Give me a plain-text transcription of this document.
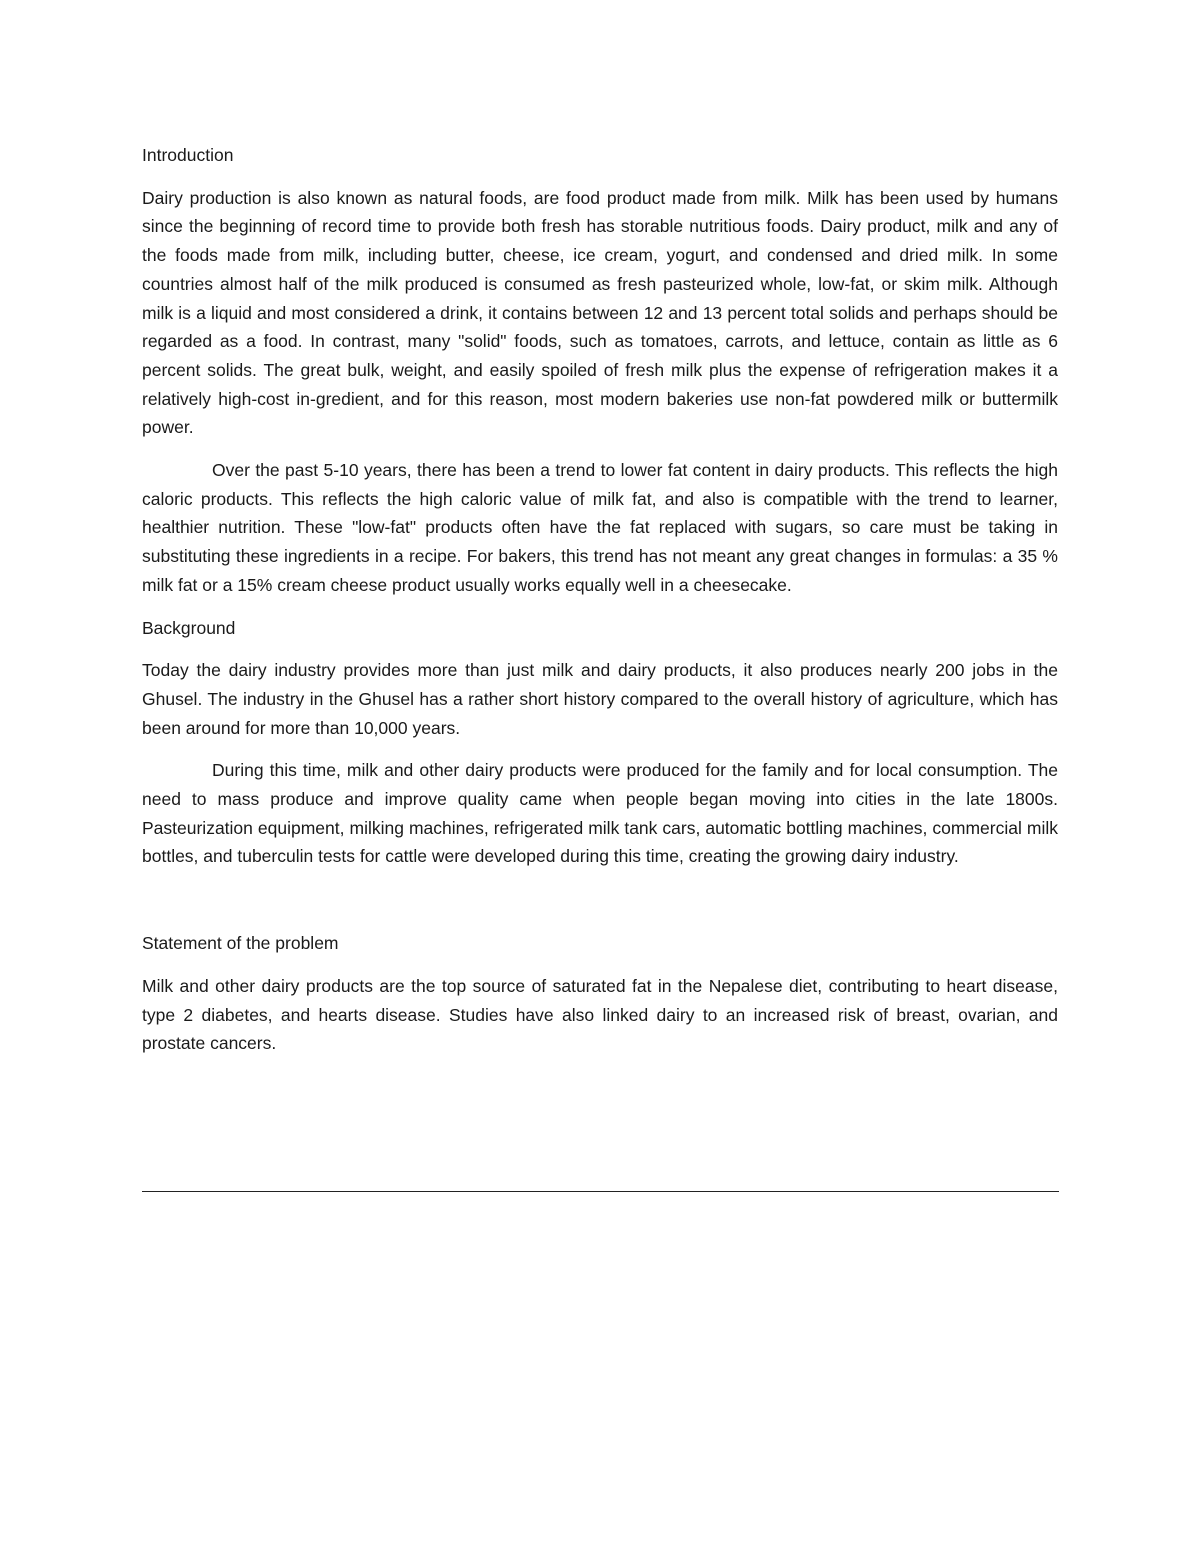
Introduction

Dairy production is also known as natural foods, are food product made from milk. Milk has been used by humans since the beginning of record time to provide both fresh has storable nutritious foods. Dairy product, milk and any of the foods made from milk, including butter, cheese, ice cream, yogurt, and condensed and dried milk. In some countries almost half of the milk produced is consumed as fresh pasteurized whole, low-fat, or skim milk. Although milk is a liquid and most considered a drink, it contains between 12 and 13 percent total solids and perhaps should be regarded as a food. In contrast, many "solid" foods, such as tomatoes, carrots, and lettuce, contain as little as 6 percent solids. The great bulk, weight, and easily spoiled of fresh milk plus the expense of refrigeration makes it a relatively high-cost in-gredient, and for this reason, most modern bakeries use non-fat powdered milk or buttermilk power.

Over the past 5-10 years, there has been a trend to lower fat content in dairy products. This reflects the high caloric products. This reflects the high caloric value of milk fat, and also is compatible with the trend to learner, healthier nutrition. These "low-fat" products often have the fat replaced with sugars, so care must be taking in substituting these ingredients in a recipe. For bakers, this trend has not meant any great changes in formulas: a 35 % milk fat or a 15% cream cheese product usually works equally well in a cheesecake.

Background

Today the dairy industry provides more than just milk and dairy products, it also produces nearly 200 jobs in the Ghusel. The industry in the Ghusel has a rather short history compared to the overall history of agriculture, which has been around for more than 10,000 years.

During this time, milk and other dairy products were produced for the family and for local consumption. The need to mass produce and improve quality came when people began moving into cities in the late 1800s. Pasteurization equipment, milking machines, refrigerated milk tank cars, automatic bottling machines, commercial milk bottles, and tuberculin tests for cattle were developed during this time, creating the growing dairy industry.

Statement of the problem

Milk and other dairy products are the top source of saturated fat in the Nepalese diet, contributing to heart disease, type 2 diabetes, and hearts disease. Studies have also linked dairy to an increased risk of breast, ovarian, and prostate cancers.
